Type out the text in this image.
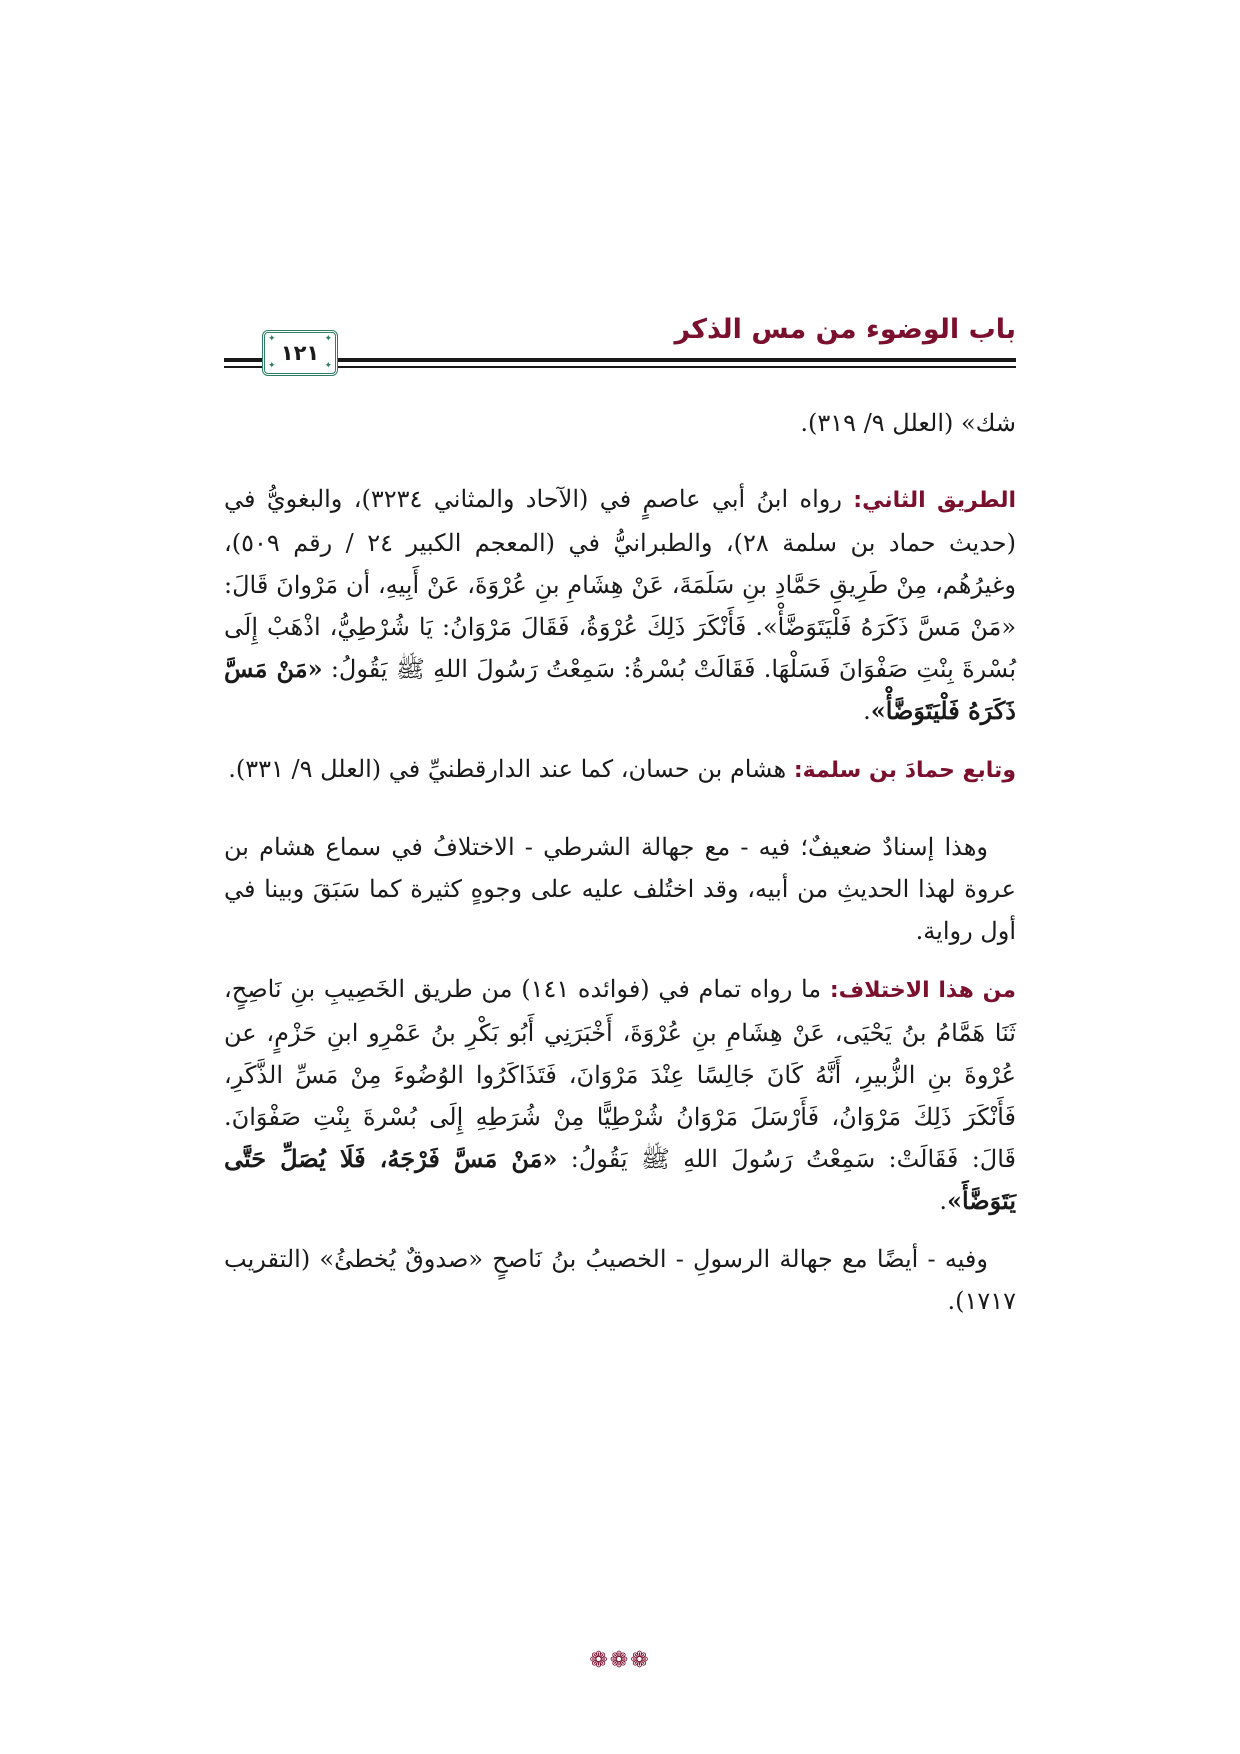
باب الوضوء من مس الذكر
✦	✦
✦	✦
١٢١

شك» (العلل ٩/ ٣١٩).

الطريق الثاني: رواه ابنُ أبي عاصمٍ في (الآحاد والمثاني ٣٢٣٤)، والبغويُّ في (حديث حماد بن سلمة ٢٨)، والطبرانيُّ في (المعجم الكبير ٢٤ / رقم ٥٠٩)، وغيرُهُم، مِنْ طَرِيقِ حَمَّادِ بنِ سَلَمَةَ، عَنْ هِشَامِ بنِ عُرْوَةَ، عَنْ أَبِيهِ، أن مَرْوانَ قَالَ: «مَنْ مَسَّ ذَكَرَهُ فَلْيَتَوَضَّأْ». فَأَنْكَرَ ذَلِكَ عُرْوَةُ، فَقَالَ مَرْوَانُ: يَا شُرْطِيُّ، اذْهَبْ إِلَى بُسْرةَ بِنْتِ صَفْوَانَ فَسَلْهَا. فَقَالَتْ بُسْرةُ: سَمِعْتُ رَسُولَ اللهِ ﷺ يَقُولُ: «مَنْ مَسَّ ذَكَرَهُ فَلْيَتَوَضَّأْ».

وتابع حمادَ بن سلمة: هشام بن حسان، كما عند الدارقطنيِّ في (العلل ٩/ ٣٣١).

وهذا إسنادٌ ضعيفٌ؛ فيه - مع جهالة الشرطي - الاختلافُ في سماع هشام بن عروة لهذا الحديثِ من أبيه، وقد اختُلف عليه على وجوهٍ كثيرة كما سَبَقَ وبينا في أول رواية.

من هذا الاختلاف: ما رواه تمام في (فوائده ١٤١) من طريق الخَصِيبِ بنِ نَاصِحٍ، ثَنَا هَمَّامُ بنُ يَحْيَى، عَنْ هِشَامِ بنِ عُرْوَةَ، أَخْبَرَنِي أَبُو بَكْرِ بنُ عَمْرِو ابنِ حَزْمٍ، عن عُرْوةَ بنِ الزُّبيرِ، أَنَّهُ كَانَ جَالِسًا عِنْدَ مَرْوَانَ، فَتَذَاكَرُوا الوُضُوءَ مِنْ مَسِّ الذَّكَرِ، فَأَنْكَرَ ذَلِكَ مَرْوَانُ، فَأَرْسَلَ مَرْوَانُ شُرْطِيًّا مِنْ شُرَطِهِ إِلَى بُسْرةَ بِنْتِ صَفْوَانَ. قَالَ: فَقَالَتْ: سَمِعْتُ رَسُولَ اللهِ ﷺ يَقُولُ: «مَنْ مَسَّ فَرْجَهُ، فَلَا يُصَلِّ حَتَّى يَتَوَضَّأَ».

وفيه - أيضًا مع جهالة الرسولِ - الخصيبُ بنُ نَاصحٍ «صدوقٌ يُخطئُ» (التقريب ١٧١٧).

❁❁❁
